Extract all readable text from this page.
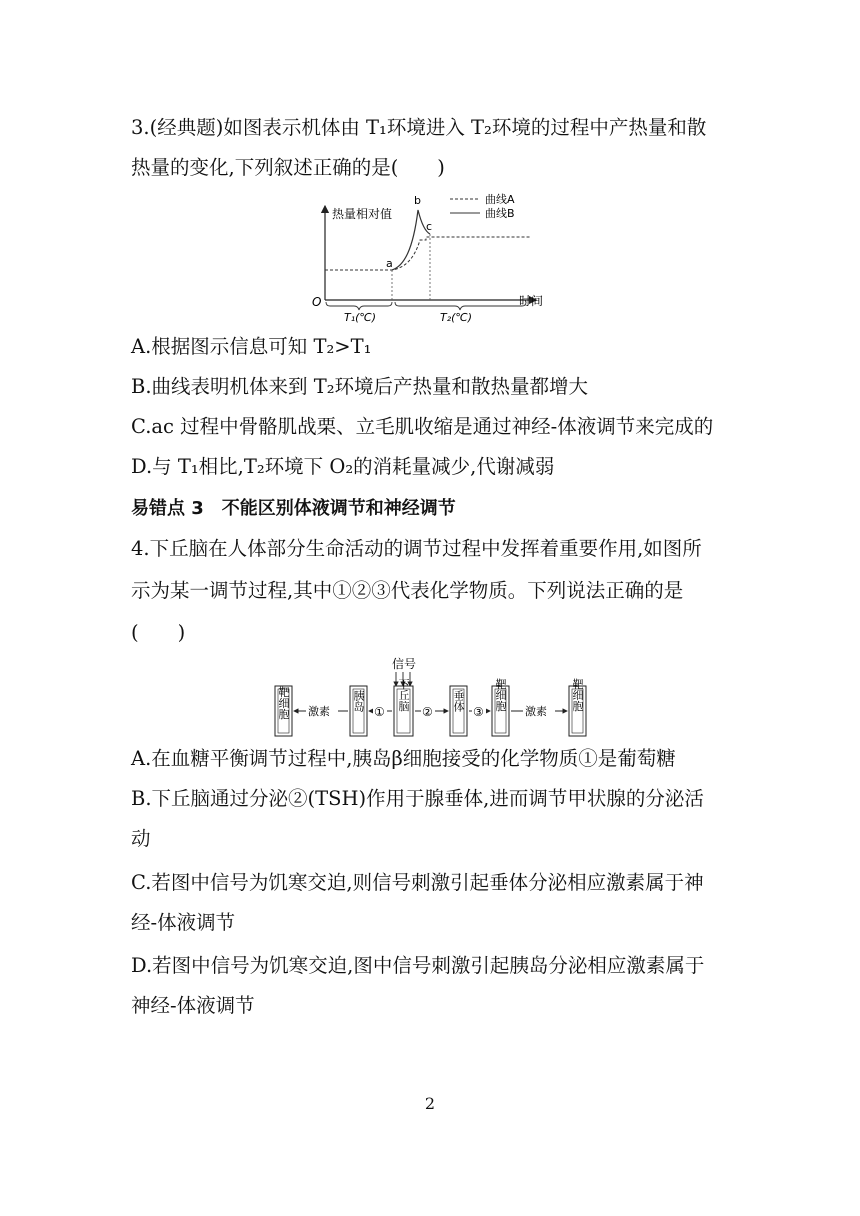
3.(经典题)如图表示机体由 T₁环境进入 T₂环境的过程中产热量和散
热量的变化,下列叙述正确的是(　　)
热量相对值
O	时间
曲线A
曲线B
a
b
c
T₁(℃)	T₂(℃)
A.根据图示信息可知 T₂>T₁
B.曲线表明机体来到 T₂环境后产热量和散热量都增大
C.ac 过程中骨骼肌战栗、立毛肌收缩是通过神经-体液调节来完成的
D.与 T₁相比,T₂环境下 O₂的消耗量减少,代谢减弱
易错点 3　不能区别体液调节和神经调节
4.下丘脑在人体部分生命活动的调节过程中发挥着重要作用,如图所
示为某一调节过程,其中①②③代表化学物质。下列说法正确的是
(　　)
信号
靶细胞 激素 胰岛 ①
下丘脑
② 垂体 ③
靶细胞 激素 靶细胞
A.在血糖平衡调节过程中,胰岛β细胞接受的化学物质①是葡萄糖
B.下丘脑通过分泌②(TSH)作用于腺垂体,进而调节甲状腺的分泌活
动
C.若图中信号为饥寒交迫,则信号刺激引起垂体分泌相应激素属于神
经-体液调节
D.若图中信号为饥寒交迫,图中信号刺激引起胰岛分泌相应激素属于
神经-体液调节
2
